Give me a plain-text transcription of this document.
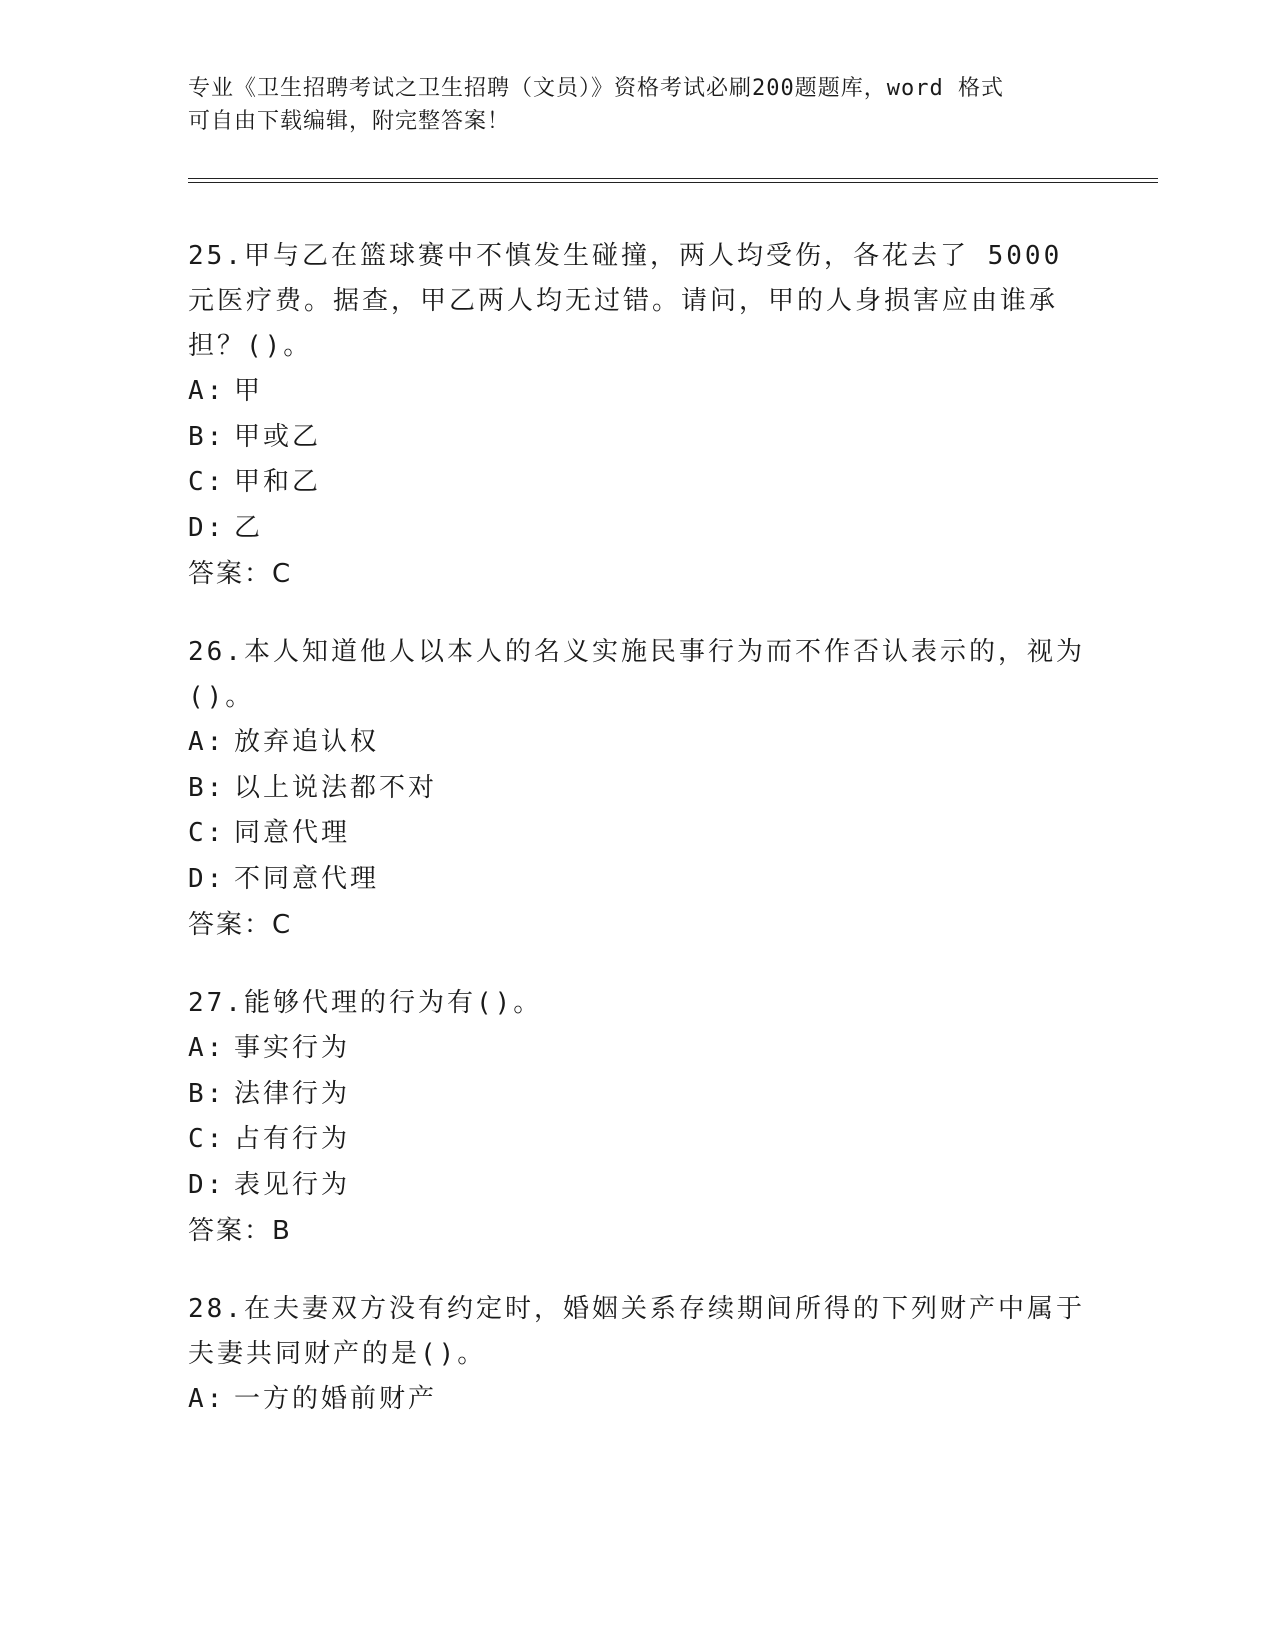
专业《卫生招聘考试之卫生招聘（文员）》资格考试必刷200题题库，word 格式
可自由下载编辑，附完整答案！

25.甲与乙在篮球赛中不慎发生碰撞，两人均受伤，各花去了 5000 元医疗费。据查，甲乙两人均无过错。请问，甲的人身损害应由谁承担？()。

A: 甲

B: 甲或乙

C: 甲和乙

D: 乙

答案：C

26.本人知道他人以本人的名义实施民事行为而不作否认表示的，视为()。

A: 放弃追认权

B: 以上说法都不对

C: 同意代理

D: 不同意代理

答案：C

27.能够代理的行为有()。

A: 事实行为

B: 法律行为

C: 占有行为

D: 表见行为

答案：B

28.在夫妻双方没有约定时，婚姻关系存续期间所得的下列财产中属于夫妻共同财产的是()。

A: 一方的婚前财产
